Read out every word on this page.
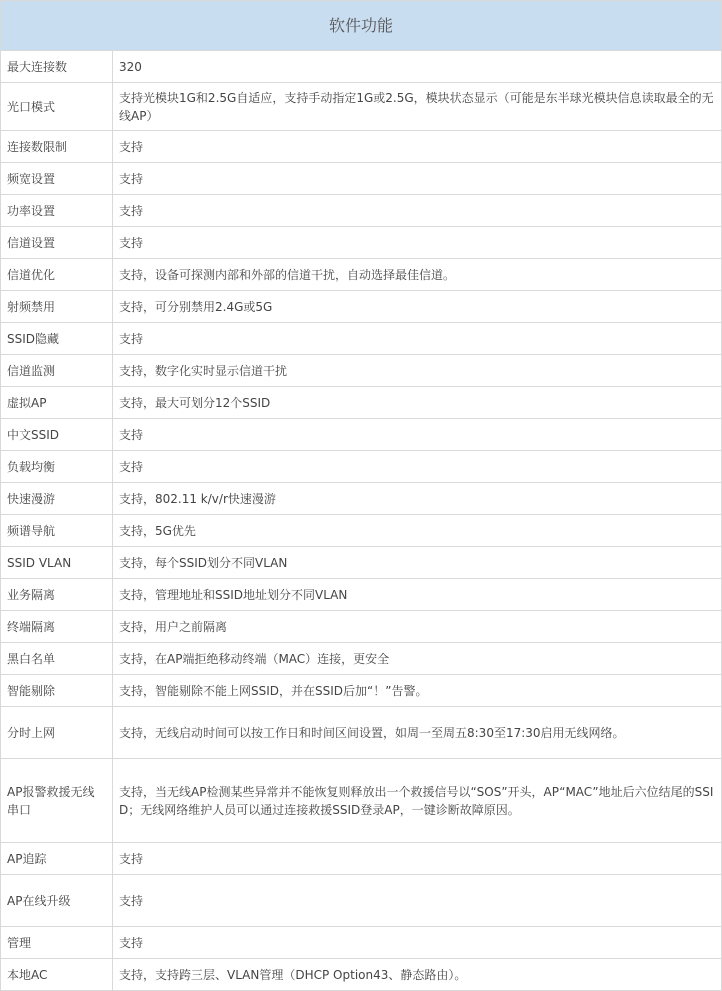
软件功能	
最大连接数	320
光口模式	支持光模块1G和2.5G自适应，支持手动指定1G或2.5G，模块状态显示（可能是东半球光模块信息读取最全的无线AP）
连接数限制	支持
频宽设置	支持
功率设置	支持
信道设置	支持
信道优化	支持，设备可探测内部和外部的信道干扰，自动选择最佳信道。
射频禁用	支持，可分别禁用2.4G或5G
SSID隐藏	支持
信道监测	支持，数字化实时显示信道干扰
虚拟AP	支持，最大可划分12个SSID
中文SSID	支持
负载均衡	支持
快速漫游	支持，802.11 k/v/r快速漫游
频谱导航	支持，5G优先
SSID VLAN	支持，每个SSID划分不同VLAN
业务隔离	支持，管理地址和SSID地址划分不同VLAN
终端隔离	支持，用户之前隔离
黑白名单	支持，在AP端拒绝移动终端（MAC）连接，更安全
智能剔除	支持，智能剔除不能上网SSID，并在SSID后加“！”告警。
分时上网	支持，无线启动时间可以按工作日和时间区间设置，如周一至周五8:30至17:30启用无线网络。
AP报警救援无线串口	支持，当无线AP检测某些异常并不能恢复则释放出一个救援信号以“SOS”开头，AP“MAC”地址后六位结尾的SSID；无线网络维护人员可以通过连接救援SSID登录AP，一键诊断故障原因。
AP追踪	支持
AP在线升级	支持
管理	支持
本地AC	支持，支持跨三层、VLAN管理（DHCP Option43、静态路由）。
